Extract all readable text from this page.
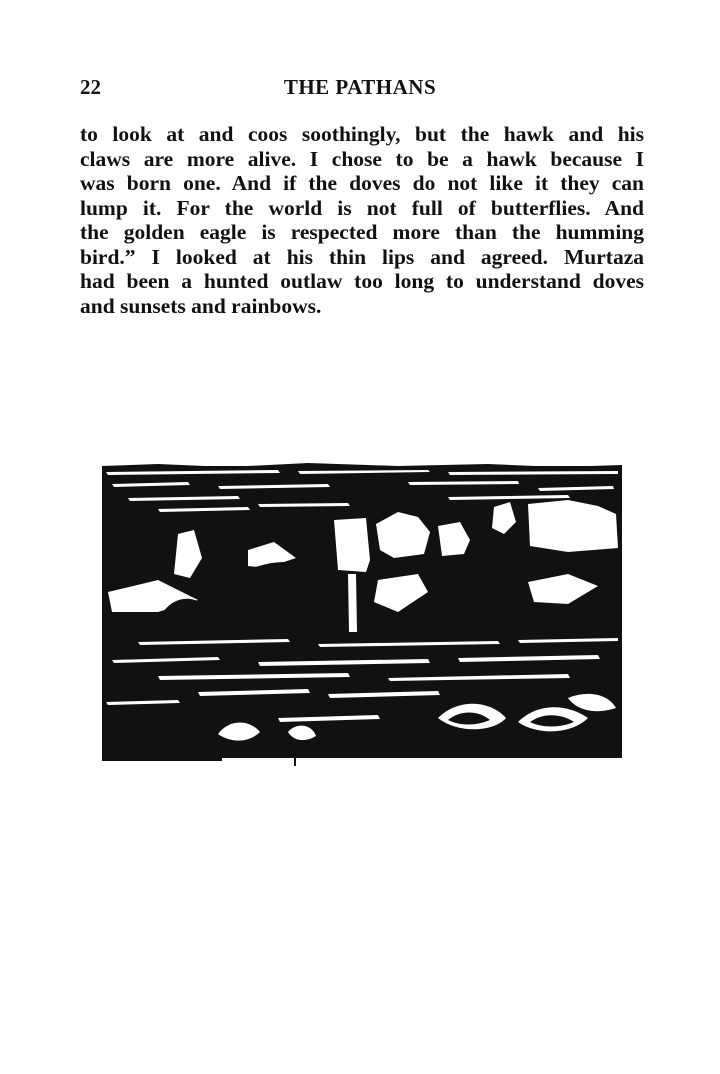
22	THE PATHANS
to look at and coos soothingly, but the hawk and his
claws are more alive. I chose to be a hawk because I
was born one. And if the doves do not like it they can
lump it. For the world is not full of butterflies. And
the golden eagle is respected more than the humming
bird.” I looked at his thin lips and agreed. Murtaza
had been a hunted outlaw too long to understand doves
and sunsets and rainbows.
